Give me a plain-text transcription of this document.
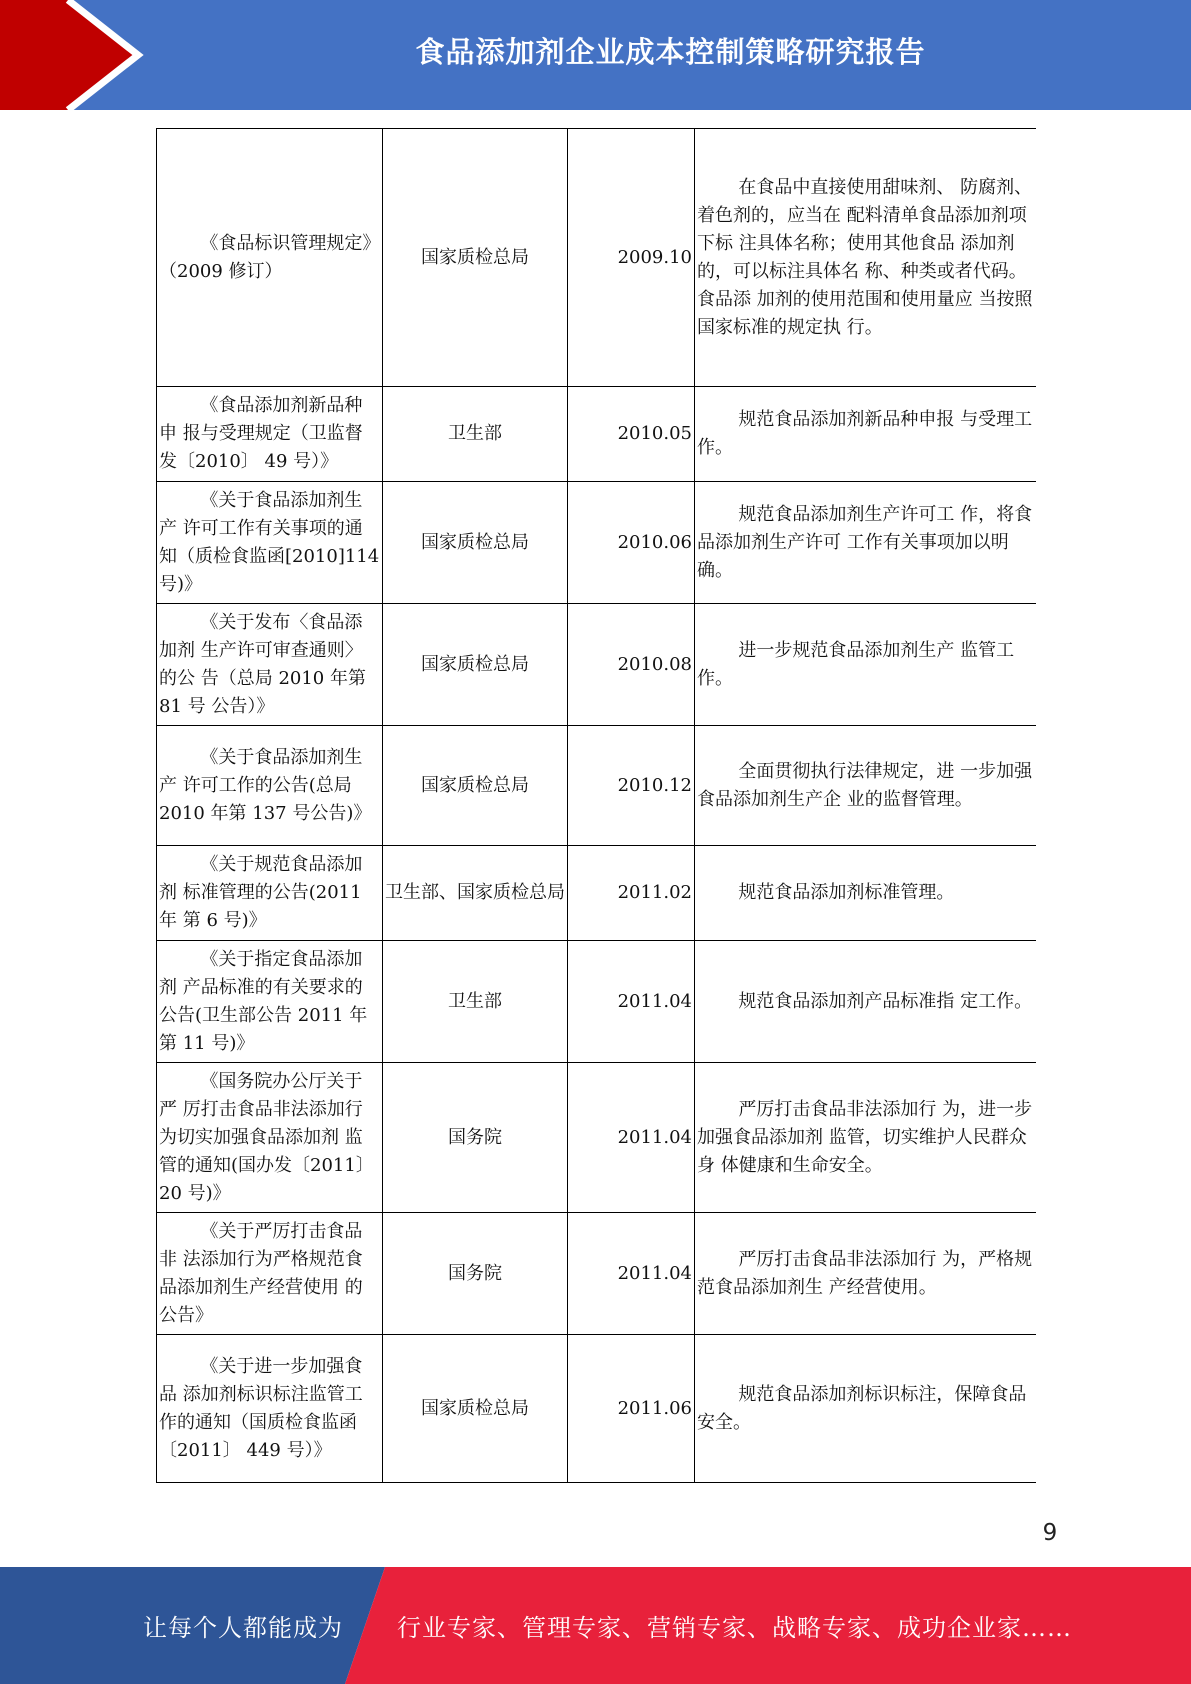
食品添加剂企业成本控制策略研究报告
《食品标识管理规定》（2009 修订）	国家质检总局	2009.10	在食品中直接使用甜味剂、 防腐剂、着色剂的，应当在 配料清单食品添加剂项下标 注具体名称；使用其他食品 添加剂的，可以标注具体名 称、种类或者代码。食品添 加剂的使用范围和使用量应 当按照国家标准的规定执 行。
《食品添加剂新品种申 报与受理规定（卫监督发〔2010〕 49 号）》	卫生部	2010.05	规范食品添加剂新品种申报 与受理工作。
《关于食品添加剂生产 许可工作有关事项的通 知（质检食监函[2010]114 号)》	国家质检总局	2010.06	规范食品添加剂生产许可工 作，将食品添加剂生产许可 工作有关事项加以明确。
《关于发布〈食品添加剂 生产许可审查通则〉的公 告（总局 2010 年第 81 号 公告）》	国家质检总局	2010.08	进一步规范食品添加剂生产 监管工作。
《关于食品添加剂生产 许可工作的公告(总局 2010 年第 137 号公告)》	国家质检总局	2010.12	全面贯彻执行法律规定，进 一步加强食品添加剂生产企 业的监督管理。
《关于规范食品添加剂 标准管理的公告(2011 年 第 6 号)》	卫生部、国家质检总局	2011.02	规范食品添加剂标准管理。
《关于指定食品添加剂 产品标准的有关要求的 公告(卫生部公告 2011 年 第 11 号)》	卫生部	2011.04	规范食品添加剂产品标准指 定工作。
《国务院办公厅关于严 厉打击食品非法添加行 为切实加强食品添加剂 监管的通知(国办发〔2011〕 20 号)》	国务院	2011.04	严厉打击食品非法添加行 为，进一步加强食品添加剂 监管，切实维护人民群众身 体健康和生命安全。
《关于严厉打击食品非 法添加行为严格规范食 品添加剂生产经营使用 的公告》	国务院	2011.04	严厉打击食品非法添加行 为，严格规范食品添加剂生 产经营使用。
《关于进一步加强食品 添加剂标识标注监管工作的通知（国质检食监函〔2011〕 449 号）》	国家质检总局	2011.06	规范食品添加剂标识标注，保障食品安全。
9
让每个人都能成为 行业专家、管理专家、营销专家、战略专家、成功企业家……
